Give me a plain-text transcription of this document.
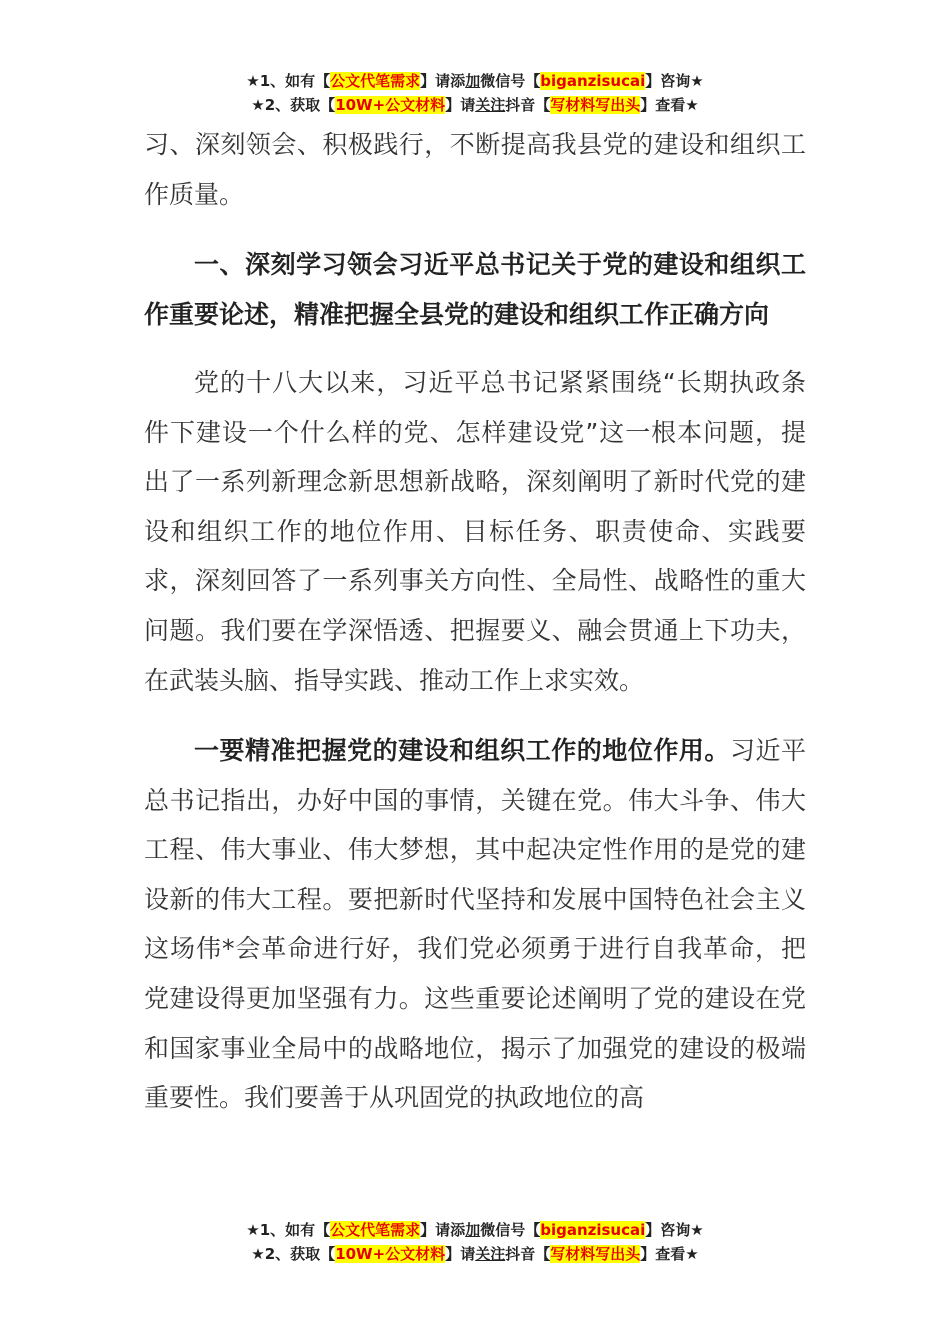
★1、如有【公文代笔需求】请添加微信号【biganzisucai】咨询★
★2、获取【10W+公文材料】请关注抖音【写材料写出头】查看★

习、深刻领会、积极践行，不断提高我县党的建设和组织工作质量。

一、深刻学习领会习近平总书记关于党的建设和组织工作重要论述，精准把握全县党的建设和组织工作正确方向

党的十八大以来，习近平总书记紧紧围绕“长期执政条件下建设一个什么样的党、怎样建设党”这一根本问题，提出了一系列新理念新思想新战略，深刻阐明了新时代党的建设和组织工作的地位作用、目标任务、职责使命、实践要求，深刻回答了一系列事关方向性、全局性、战略性的重大问题。我们要在学深悟透、把握要义、融会贯通上下功夫，在武装头脑、指导实践、推动工作上求实效。

一要精准把握党的建设和组织工作的地位作用。习近平总书记指出，办好中国的事情，关键在党。伟大斗争、伟大工程、伟大事业、伟大梦想，其中起决定性作用的是党的建设新的伟大工程。要把新时代坚持和发展中国特色社会主义这场伟*会革命进行好，我们党必须勇于进行自我革命，把党建设得更加坚强有力。这些重要论述阐明了党的建设在党和国家事业全局中的战略地位，揭示了加强党的建设的极端重要性。我们要善于从巩固党的执政地位的高

★1、如有【公文代笔需求】请添加微信号【biganzisucai】咨询★
★2、获取【10W+公文材料】请关注抖音【写材料写出头】查看★
